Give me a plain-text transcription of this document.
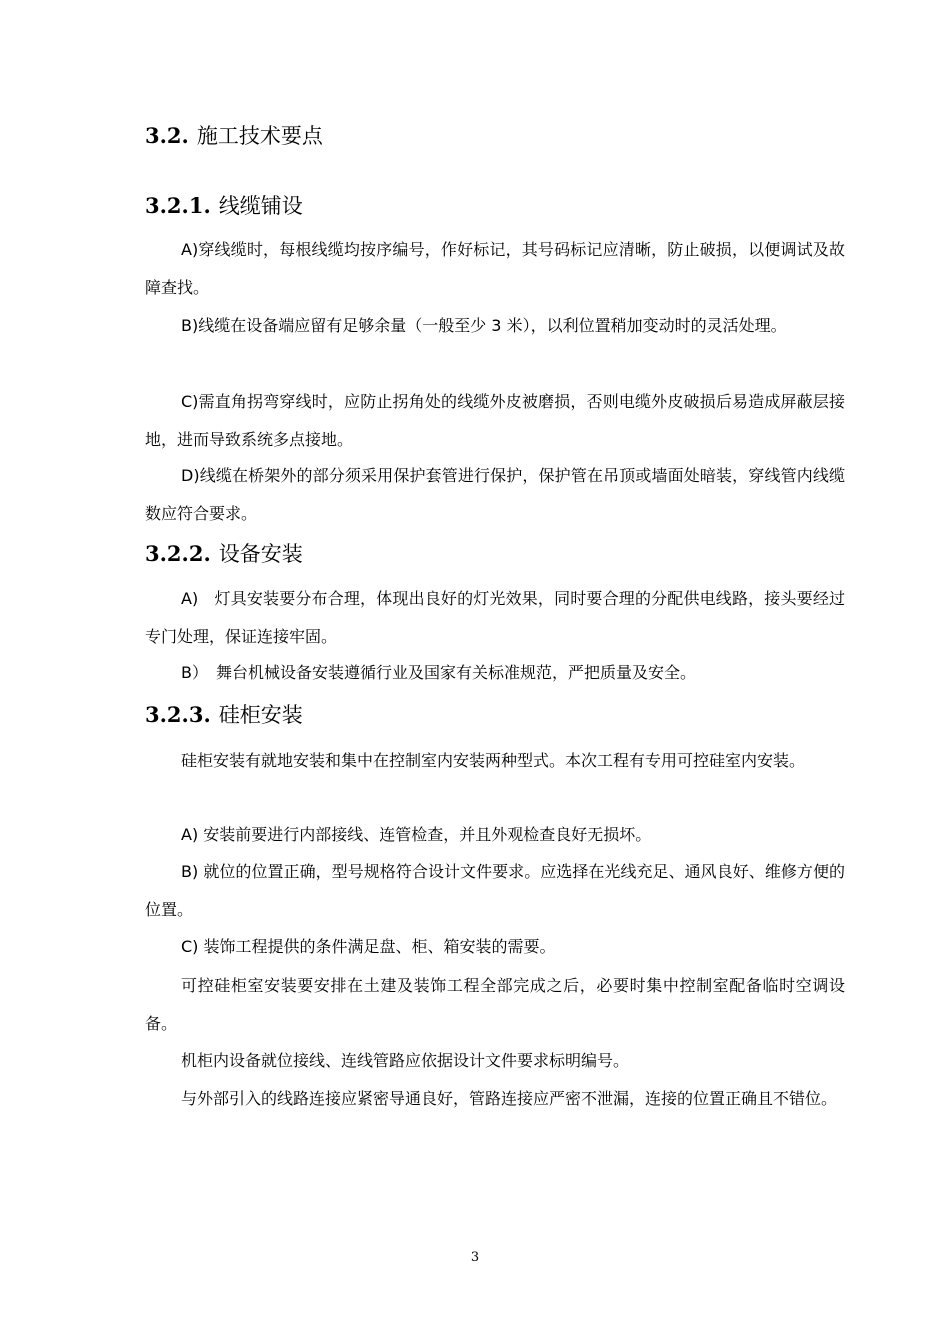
3.2. 施工技术要点
3.2.1. 线缆铺设
A)穿线缆时，每根线缆均按序编号，作好标记，其号码标记应清晰，防止破损，以便调试及故障查找。
B)线缆在设备端应留有足够余量（一般至少 3 米），以利位置稍加变动时的灵活处理。
C)需直角拐弯穿线时，应防止拐角处的线缆外皮被磨损，否则电缆外皮破损后易造成屏蔽层接地，进而导致系统多点接地。
D)线缆在桥架外的部分须采用保护套管进行保护，保护管在吊顶或墙面处暗装，穿线管内线缆数应符合要求。
3.2.2. 设备安装
A)　灯具安装要分布合理，体现出良好的灯光效果，同时要合理的分配供电线路，接头要经过专门处理，保证连接牢固。
B）　舞台机械设备安装遵循行业及国家有关标准规范，严把质量及安全。
3.2.3. 硅柜安装
硅柜安装有就地安装和集中在控制室内安装两种型式。本次工程有专用可控硅室内安装。
A) 安装前要进行内部接线、连管检查，并且外观检查良好无损坏。
B) 就位的位置正确，型号规格符合设计文件要求。应选择在光线充足、通风良好、维修方便的位置。
C) 装饰工程提供的条件满足盘、柜、箱安装的需要。
可控硅柜室安装要安排在土建及装饰工程全部完成之后，必要时集中控制室配备临时空调设备。
机柜内设备就位接线、连线管路应依据设计文件要求标明编号。
与外部引入的线路连接应紧密导通良好，管路连接应严密不泄漏，连接的位置正确且不错位。
3
